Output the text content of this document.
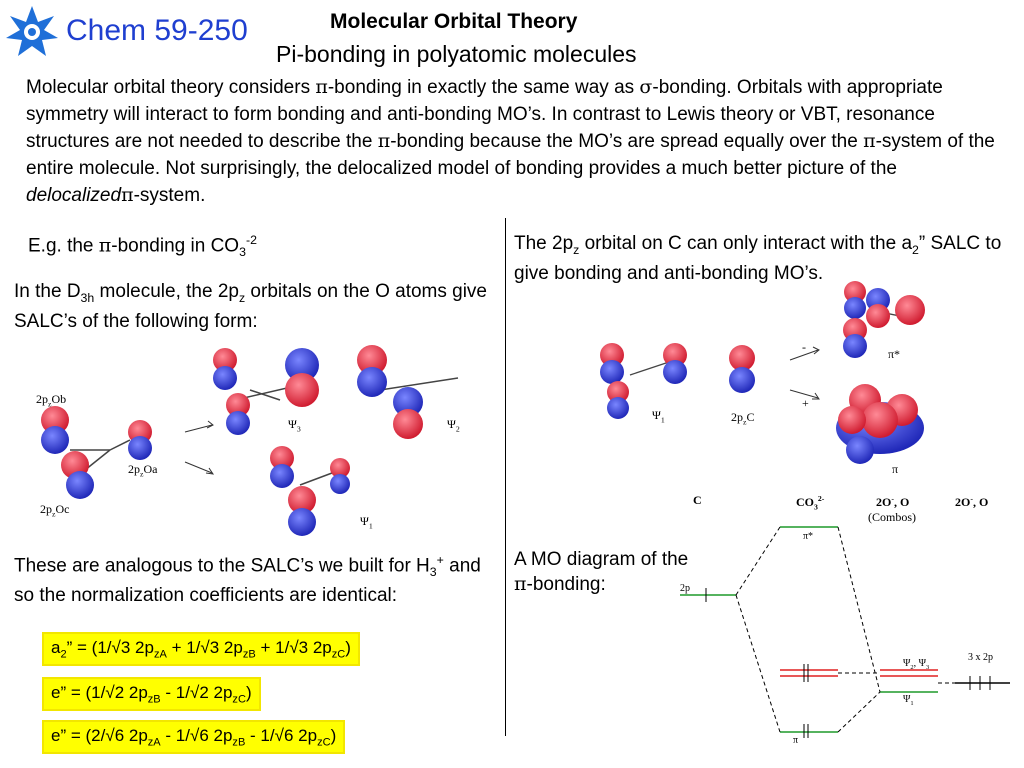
Chem 59-250	Molecular Orbital Theory
Pi-bonding in polyatomic molecules
Molecular orbital theory considers π-bonding in exactly the same way as σ-bonding. Orbitals with appropriate symmetry will interact to form bonding and anti-bonding MO’s. In contrast to Lewis theory or VBT, resonance structures are not needed to describe the π-bonding because the MO’s are spread equally over the π-system of the entire molecule. Not surprisingly, the delocalized model of bonding provides a much better picture of the delocalizedπ-system.
E.g. the π-bonding in $CO_3^{-2}$
In the $D_{3h}$ molecule, the $2p_z$ orbitals on the O atoms give SALC’s of the following form:
$2p_zOb$
$2p_zOa$
$2p_zOc$
$\Psi_3$	$\Psi_2$
$\Psi_1$
These are analogous to the SALC’s we built for $H_3^+$ and so the normalization coefficients are identical:
$a_2$” = (1/√3 $2p_{zA} + 1/√3$ $2p_{zB} + 1/√3$ $2p_{zC}$)
e” = (1/√2 $2p_{zB} - 1/√2$ $2p_{zC}$)
e” = (2/√6 $2p_{zA} - 1/√6$ $2p_{zB} - 1/√6$ $2p_{zC}$)
The $2p_z$ orbital on C can only interact with the $a_2$” SALC to give bonding and anti-bonding MO’s.
$\Psi_1$	$2p_zC$
π*
π
-
+
A MO diagram of the π-bonding:
C	$CO_3^{2-}$	2O-, O
(Combos)
2O-, O
2p
π*
π
$\Psi_2$, $\Psi_3$
$\Psi_1$
3 x 2p
